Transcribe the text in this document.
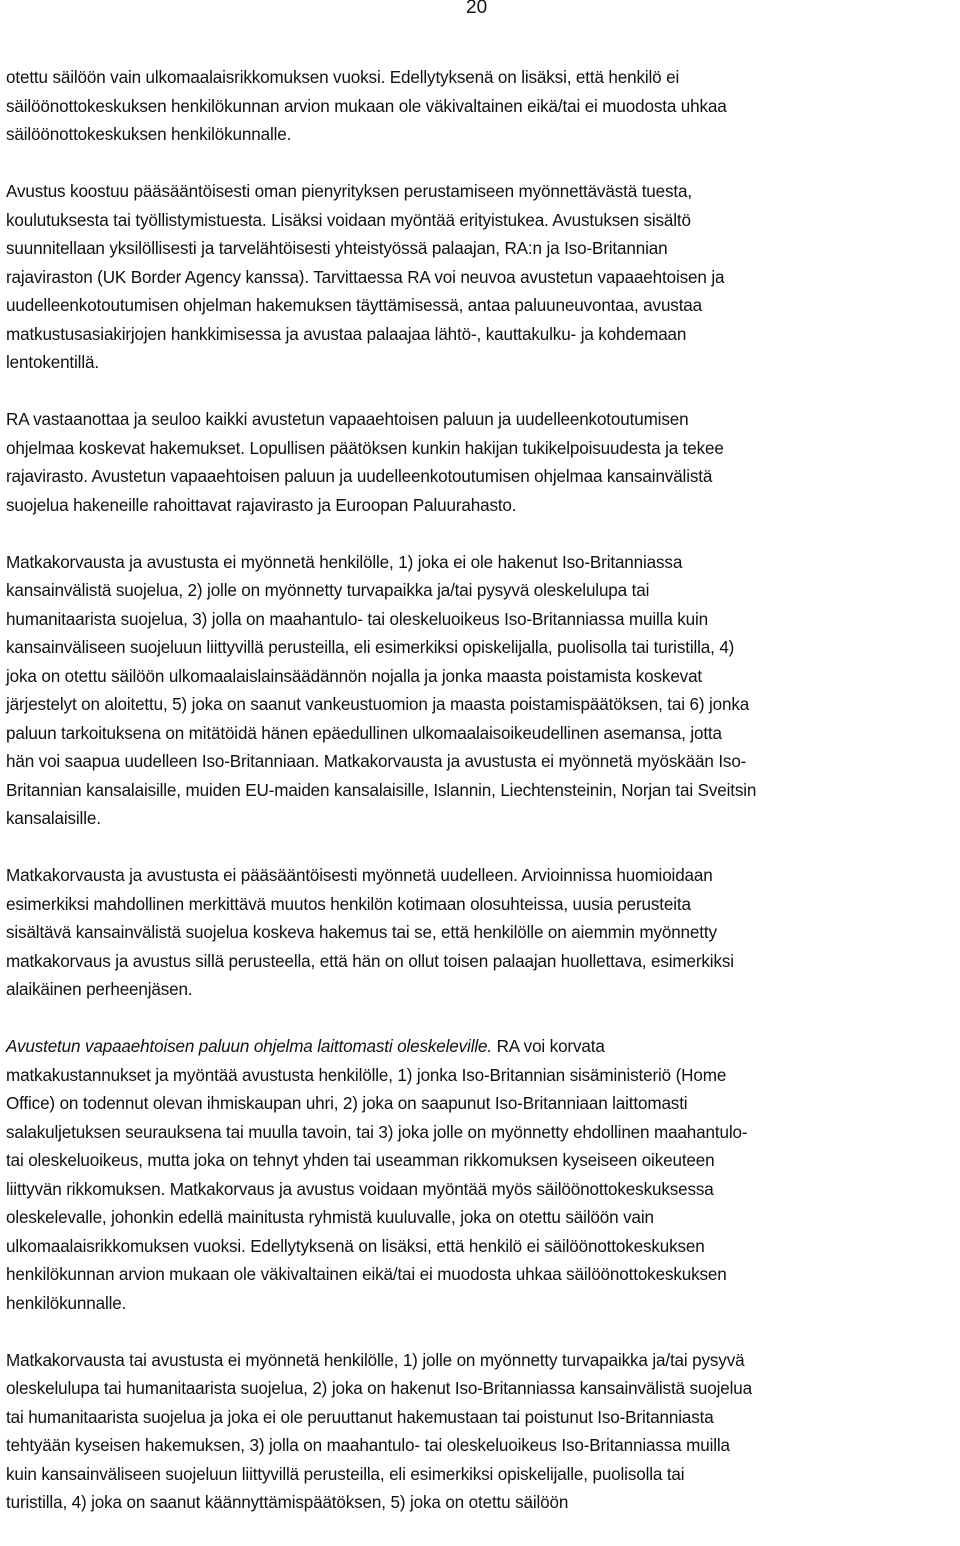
20
otettu säilöön vain ulkomaalaisrikkomuksen vuoksi. Edellytyksenä on lisäksi, että henkilö ei
säilöönottokeskuksen henkilökunnan arvion mukaan ole väkivaltainen eikä/tai ei muodosta uhkaa
säilöönottokeskuksen henkilökunnalle.
Avustus koostuu pääsääntöisesti oman pienyrityksen perustamiseen myönnettävästä tuesta,
koulutuksesta tai työllistymistuesta. Lisäksi voidaan myöntää erityistukea. Avustuksen sisältö
suunnitellaan yksilöllisesti ja tarvelähtöisesti yhteistyössä palaajan, RA:n ja Iso-Britannian
rajaviraston (UK Border Agency kanssa). Tarvittaessa RA voi neuvoa avustetun vapaaehtoisen ja
uudelleenkotoutumisen ohjelman hakemuksen täyttämisessä, antaa paluuneuvontaa, avustaa
matkustusasiakirjojen hankkimisessa ja avustaa palaajaa lähtö-, kauttakulku- ja kohdemaan
lentokentillä.
RA vastaanottaa ja seuloo kaikki avustetun vapaaehtoisen paluun ja uudelleenkotoutumisen
ohjelmaa koskevat hakemukset. Lopullisen päätöksen kunkin hakijan tukikelpoisuudesta ja tekee
rajavirasto. Avustetun vapaaehtoisen paluun ja uudelleenkotoutumisen ohjelmaa kansainvälistä
suojelua hakeneille rahoittavat rajavirasto ja Euroopan Paluurahasto.
Matkakorvausta ja avustusta ei myönnetä henkilölle, 1) joka ei ole hakenut Iso-Britanniassa
kansainvälistä suojelua, 2) jolle on myönnetty turvapaikka ja/tai pysyvä oleskelulupa tai
humanitaarista suojelua, 3) jolla on maahantulo- tai oleskeluoikeus Iso-Britanniassa muilla kuin
kansainväliseen suojeluun liittyvillä perusteilla, eli esimerkiksi opiskelijalla, puolisolla tai turistilla, 4)
joka on otettu säilöön ulkomaalaislainsäädännön nojalla ja jonka maasta poistamista koskevat
järjestelyt on aloitettu, 5) joka on saanut vankeustuomion ja maasta poistamispäätöksen, tai 6) jonka
paluun tarkoituksena on mitätöidä hänen epäedullinen ulkomaalaisoikeudellinen asemansa, jotta
hän voi saapua uudelleen Iso-Britanniaan. Matkakorvausta ja avustusta ei myönnetä myöskään Iso-
Britannian kansalaisille, muiden EU-maiden kansalaisille, Islannin, Liechtensteinin, Norjan tai Sveitsin
kansalaisille.
Matkakorvausta ja avustusta ei pääsääntöisesti myönnetä uudelleen. Arvioinnissa huomioidaan
esimerkiksi mahdollinen merkittävä muutos henkilön kotimaan olosuhteissa, uusia perusteita
sisältävä kansainvälistä suojelua koskeva hakemus tai se, että henkilölle on aiemmin myönnetty
matkakorvaus ja avustus sillä perusteella, että hän on ollut toisen palaajan huollettava, esimerkiksi
alaikäinen perheenjäsen.
Avustetun vapaaehtoisen paluun ohjelma laittomasti oleskeleville. RA voi korvata
matkakustannukset ja myöntää avustusta henkilölle, 1) jonka Iso-Britannian sisäministeriö (Home
Office) on todennut olevan ihmiskaupan uhri, 2) joka on saapunut Iso-Britanniaan laittomasti
salakuljetuksen seurauksena tai muulla tavoin, tai 3) joka jolle on myönnetty ehdollinen maahantulo-
tai oleskeluoikeus, mutta joka on tehnyt yhden tai useamman rikkomuksen kyseiseen oikeuteen
liittyvän rikkomuksen. Matkakorvaus ja avustus voidaan myöntää myös säilöönottokeskuksessa
oleskelevalle, johonkin edellä mainitusta ryhmistä kuuluvalle, joka on otettu säilöön vain
ulkomaalaisrikkomuksen vuoksi. Edellytyksenä on lisäksi, että henkilö ei säilöönottokeskuksen
henkilökunnan arvion mukaan ole väkivaltainen eikä/tai ei muodosta uhkaa säilöönottokeskuksen
henkilökunnalle.
Matkakorvausta tai avustusta ei myönnetä henkilölle, 1) jolle on myönnetty turvapaikka ja/tai pysyvä
oleskelulupa tai humanitaarista suojelua, 2) joka on hakenut Iso-Britanniassa kansainvälistä suojelua
tai humanitaarista suojelua ja joka ei ole peruuttanut hakemustaan tai poistunut Iso-Britanniasta
tehtyään kyseisen hakemuksen, 3) jolla on maahantulo- tai oleskeluoikeus Iso-Britanniassa muilla
kuin kansainväliseen suojeluun liittyvillä perusteilla, eli esimerkiksi opiskelijalle, puolisolla tai
turistilla, 4) joka on saanut käännyttämispäätöksen, 5) joka on otettu säilöön
